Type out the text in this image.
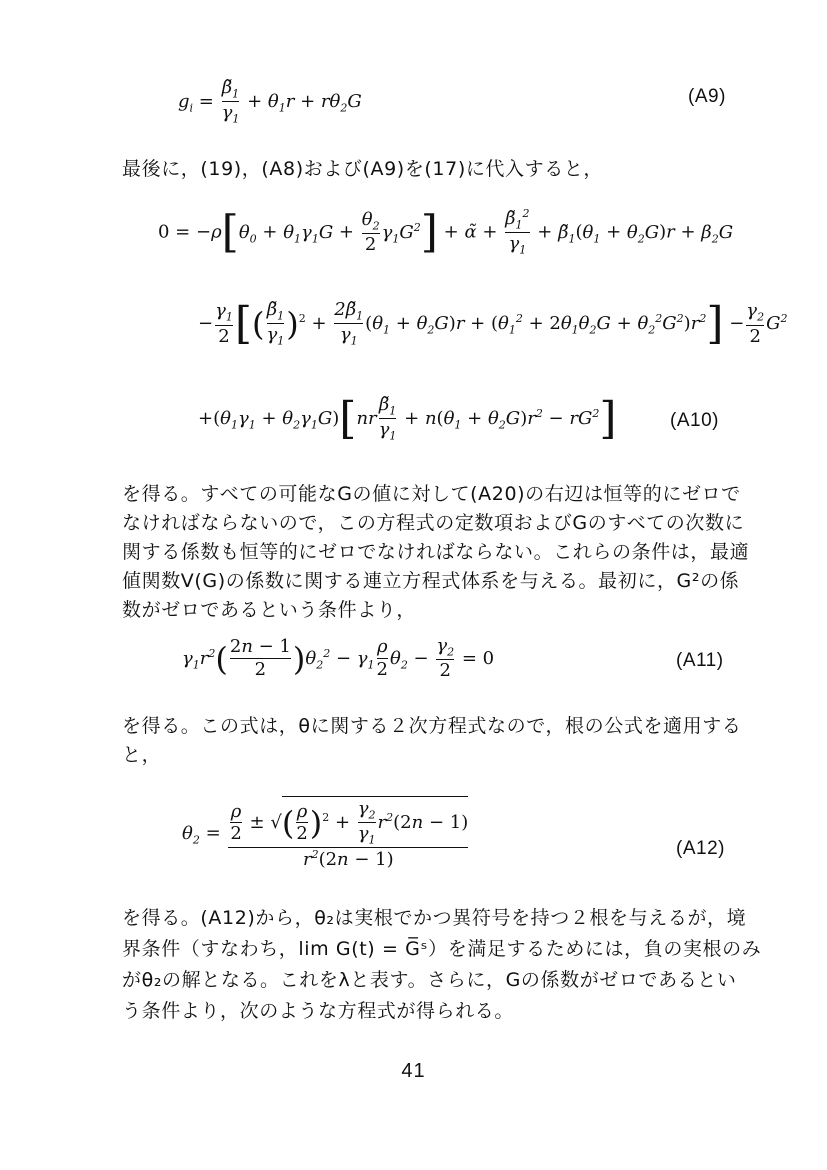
$g_i = \frac{\betã_1}{\gamma_1} + \theta_1r + r\theta_2G$	(A9)
最後に，(19)，(A8)および(A9)を(17)に代入すると，
$0 = -\rho[\theta_0 + \theta_1\gamma_1G + \frac{\theta_2}{2} \gamma_1G^2]$ + α̃ + $\frac{\betã_1^2}{\gamma_1}$ + $\betã_1(\theta_1 + \theta_2G)r + \beta_2G$
− $\frac{\gamma_1}{2}$ [( $\frac{\betã_1}{\gamma_1} )^2 + \frac{2\betã_1}{\gamma_1} (\theta_1 + \theta_2G)r + (\theta_1^2 + 2\theta_1\theta_2G + \theta_2^2G^2)r^2] - \frac{\gamma_2}{2} G^2$
$+(\theta_1\gamma_1 + \theta_2\gamma_1G)[nr \frac{\betã_1}{\gamma_1} + n(\theta_1 + \theta_2G)r^2 - rG^2]$	(A10)
を得る。すべての可能なGの値に対して(A20)の右辺は恒等的にゼロで
なければならないので，この方程式の定数項およびGのすべての次数に
関する係数も恒等的にゼロでなければならない。これらの条件は，最適
値関数V(G)の係数に関する連立方程式体系を与える。最初に，G²の係
数がゼロであるという条件より，
$\gamma_1r^2( \frac{2n - 1}{2} )\theta_2^2 - \gamma_1 \frac{\rho}{2} \theta_2 - \frac{\gamma_2}{2} = 0$	(A11)
を得る。この式は，θに関する２次方程式なので，根の公式を適用する
と，
$\theta_2 = \frac{\frac{\rho}{2} \pm √( \frac{\rho}{2} )^2 + \frac{\gamma_2}{\gamma_1} r^2(2n - 1)}{r^2(2n - 1)}$	(A12)
を得る。(A12)から，θ₂は実根でかつ異符号を持つ２根を与えるが，境
界条件（すなわち，lim G(t) = G̅ˢ）を満足するためには，負の実根のみ
がθ₂の解となる。これをλと表す。さらに，Gの係数がゼロであるとい
う条件より，次のような方程式が得られる。
41
